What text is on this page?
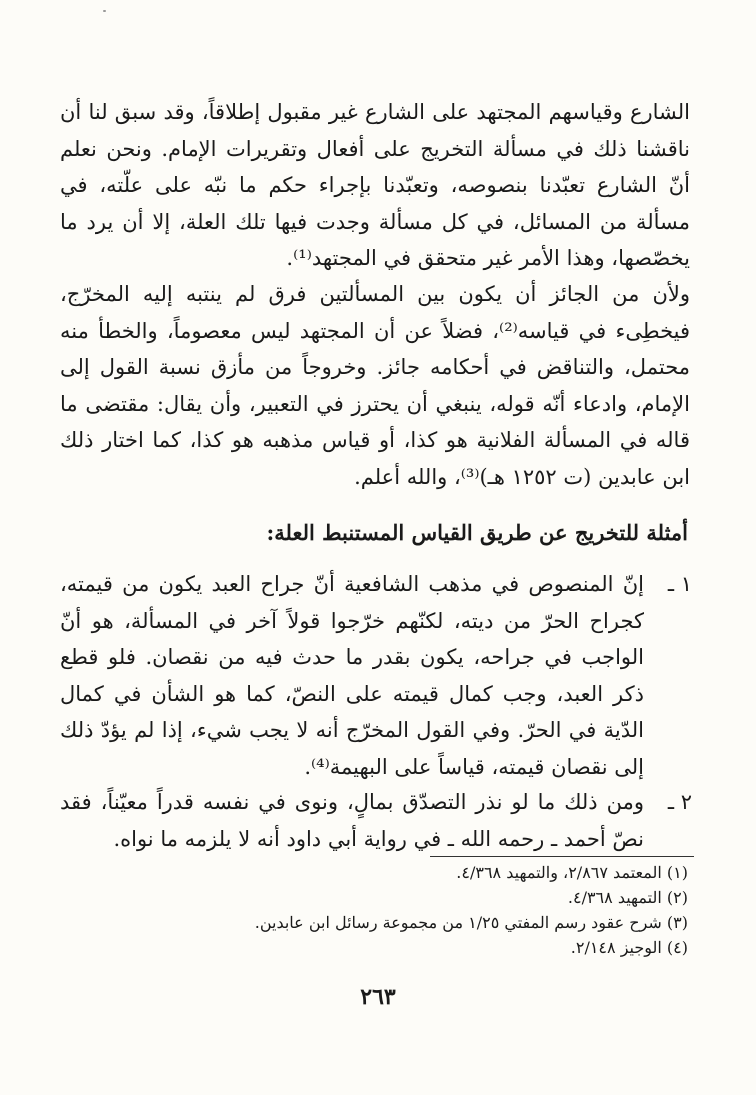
الشارع وقياسهم المجتهد على الشارع غير مقبول إطلاقاً، وقد سبق لنا أن ناقشنا ذلك في مسألة التخريج على أفعال وتقريرات الإمام. ونحن نعلم أنّ الشارع تعبّدنا بنصوصه، وتعبّدنا بإجراء حكم ما نبّه على علّته، في مسألة من المسائل، في كل مسألة وجدت فيها تلك العلة، إلا أن يرد ما يخصّصها، وهذا الأمر غير متحقق في المجتهد⁽¹⁾.

ولأن من الجائز أن يكون بين المسألتين فرق لم ينتبه إليه المخرّج، فيخطِىء في قياسه⁽²⁾، فضلاً عن أن المجتهد ليس معصوماً، والخطأ منه محتمل، والتناقض في أحكامه جائز. وخروجاً من مأزق نسبة القول إلى الإمام، وادعاء أنّه قوله، ينبغي أن يحترز في التعبير، وأن يقال: مقتضى ما قاله في المسألة الفلانية هو كذا، أو قياس مذهبه هو كذا، كما اختار ذلك ابن عابدين (ت ١٢٥٢ هـ)⁽³⁾، والله أعلم.

أمثلة للتخريج عن طريق القياس المستنبط العلة:
١ ـ

إنّ المنصوص في مذهب الشافعية أنّ جراح العبد يكون من قيمته، كجراح الحرّ من ديته، لكنّهم خرّجوا قولاً آخر في المسألة، هو أنّ الواجب في جراحه، يكون بقدر ما حدث فيه من نقصان. فلو قطع ذكر العبد، وجب كمال قيمته على النصّ، كما هو الشأن في كمال الدّية في الحرّ. وفي القول المخرّج أنه لا يجب شيء، إذا لم يؤدّ ذلك إلى نقصان قيمته، قياساً على البهيمة⁽⁴⁾.

٢ ـ

ومن ذلك ما لو نذر التصدّق بمالٍ، ونوى في نفسه قدراً معيّناً، فقد نصّ أحمد ـ رحمه الله ـ في رواية أبي داود أنه لا يلزمه ما نواه.

(١) المعتمد ٢/٨٦٧، والتمهيد ٤/٣٦٨.
(٢) التمهيد ٤/٣٦٨.
(٣) شرح عقود رسم المفتي ١/٢٥ من مجموعة رسائل ابن عابدين.
(٤) الوجيز ٢/١٤٨.
٢٦٣
